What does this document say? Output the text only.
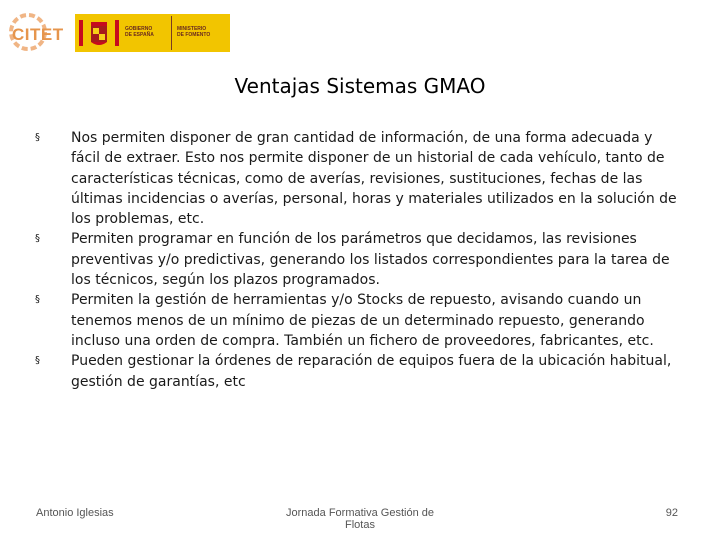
CITET	GOBIERNO
DE ESPAÑA
MINISTERIO
DE FOMENTO
Ventajas Sistemas GMAO
§ Nos permiten disponer de gran cantidad de información, de una forma adecuada y fácil de extraer. Esto nos permite disponer de un historial de cada vehículo, tanto de características técnicas, como de averías, revisiones, sustituciones, fechas de las últimas incidencias o averías, personal, horas y materiales utilizados en la solución de los problemas, etc.
§ Permiten programar en función de los parámetros que decidamos, las revisiones preventivas y/o predictivas, generando los listados correspondientes para la tarea de los técnicos, según los plazos programados.
§ Permiten la gestión de herramientas y/o Stocks de repuesto, avisando cuando un tenemos menos de un mínimo de piezas de un determinado repuesto, generando incluso una orden de compra. También un fichero de proveedores, fabricantes, etc.
§ Pueden gestionar la órdenes de reparación de equipos fuera de la ubicación habitual, gestión de garantías, etc
Antonio Iglesias	Jornada Formativa Gestión de Flotas
92
